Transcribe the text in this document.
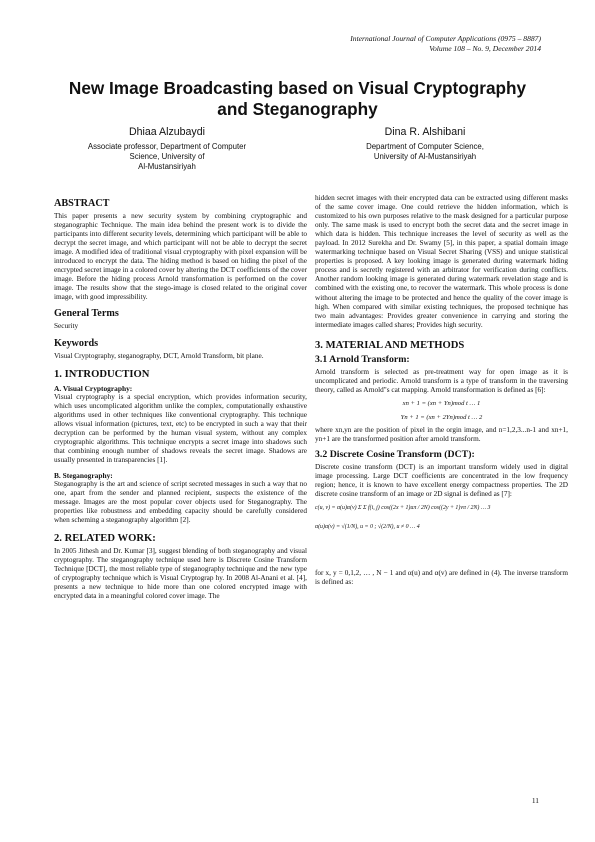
International Journal of Computer Applications (0975 – 8887)
Volume 108 – No. 9, December 2014
New Image Broadcasting based on Visual Cryptography
and Steganography
Dhiaa Alzubaydi
Associate professor, Department of Computer
Science, University of
Al-Mustansiriyah
Dina R. Alshibani
Department of Computer Science,
University of Al-Mustansiriyah
ABSTRACT

This paper presents a new security system by combining cryptographic and steganographic Technique. The main idea behind the present work is to divide the participants into different security levels, determining which participant will be able to decrypt the secret image, and which participant will not be able to decrypt the secret image. A modified idea of traditional visual cryptography with pixel expansion will be introduced to encrypt the data. The hiding method is based on hiding the pixel of the encrypted secret image in a colored cover by altering the DCT coefficients of the cover image. Before the hiding process Arnold transformation is performed on the cover image. The results show that the stego-image is closed related to the original cover image, with good impressibility.

General Terms

Security

Keywords

Visual Cryptography, steganography, DCT, Arnold Transform, bit plane.

1. INTRODUCTION
A. Visual Cryptography:

Visual cryptography is a special encryption, which provides information security, which uses uncomplicated algorithm unlike the complex, computationally exhaustive algorithms used in other techniques like conventional cryptography. This technique allows visual information (pictures, text, etc) to be encrypted in such a way that their decryption can be performed by the human visual system, without any complex cryptographic algorithms. This technique encrypts a secret image into shadows such that combining enough number of shadows reveals the secret image. Shadows are usually presented in transparencies [1].

B. Steganography:

Steganography is the art and science of script secreted messages in such a way that no one, apart from the sender and planned recipient, suspects the existence of the message. Images are the most popular cover objects used for Steganography. The properties like robustness and embedding capacity should be carefully considered when scheming a steganography algorithm [2].

2. RELATED WORK:

In 2005 Jithesh and Dr. Kumar [3], suggest blending of both steganography and visual cryptography. The steganography technique used here is Discrete Cosine Transform Technique [DCT], the most reliable type of steganography technique and the new type of cryptography technique which is Visual Cryptograp hy. In 2008 Al-Anani et al. [4], presents a new technique to hide more than one colored encrypted image with encrypted data in a meaningful colored cover image. The

hidden secret images with their encrypted data can be extracted using different masks of the same cover image. One could retrieve the hidden information, which is customized to his own purposes relative to the mask designed for a particular purpose only. The same mask is used to encrypt both the secret data and the secret image in which data is hidden. This technique increases the level of security as well as the payload. In 2012 Surekha and Dr. Swamy [5], in this paper, a spatial domain image watermarking technique based on Visual Secret Sharing (VSS) and unique statistical properties is proposed. A key looking image is generated during watermark hiding process and is secretly registered with an arbitrator for verification during conflicts. Another random looking image is generated during watermark revelation stage and is combined with the existing one, to recover the watermark. This whole process is done without altering the image to be protected and hence the quality of the cover image is high. When compared with similar existing techniques, the proposed technique has two main advantages: Provides greater convenience in carrying and storing the intermediate images called shares; Provides high security.

3. MATERIAL AND METHODS
3.1 Arnold Transform:

Arnold transform is selected as pre-treatment way for open image as it is uncomplicated and periodic. Arnold transform is a type of transform in the traversing theory, called as Arnold"s cat mapping. Arnold transformation is defined as [6]:

xn + 1 = (xn + Yn)mod t … 1
Yn + 1 = (xn + 2Yn)mod t … 2

where xn,yn are the position of pixel in the orgin image, and n=1,2,3...n-1 and xn+1, yn+1 are the transformed position after arnold transform.

3.2 Discrete Cosine Transform (DCT):

Discrete cosine transform (DCT) is an important transform widely used in digital image processing. Large DCT coefficients are concentrated in the low frequency region; hence, it is known to have excellent energy compactness properties. The 2D discrete cosine transform of an image or 2D signal is defined as [7]:

c(u, v) = α(u)α(v) Σ Σ f(i, j) cos((2x + 1)uπ / 2N) cos((2y + 1)vπ / 2N) … 3
α(u)α(v) = √(1/N), u = 0 ; √(2/N), u ≠ 0 … 4

for x, y = 0,1,2, … , N − 1 and α(u) and α(v) are defined in (4). The inverse transform is defined as:

11
